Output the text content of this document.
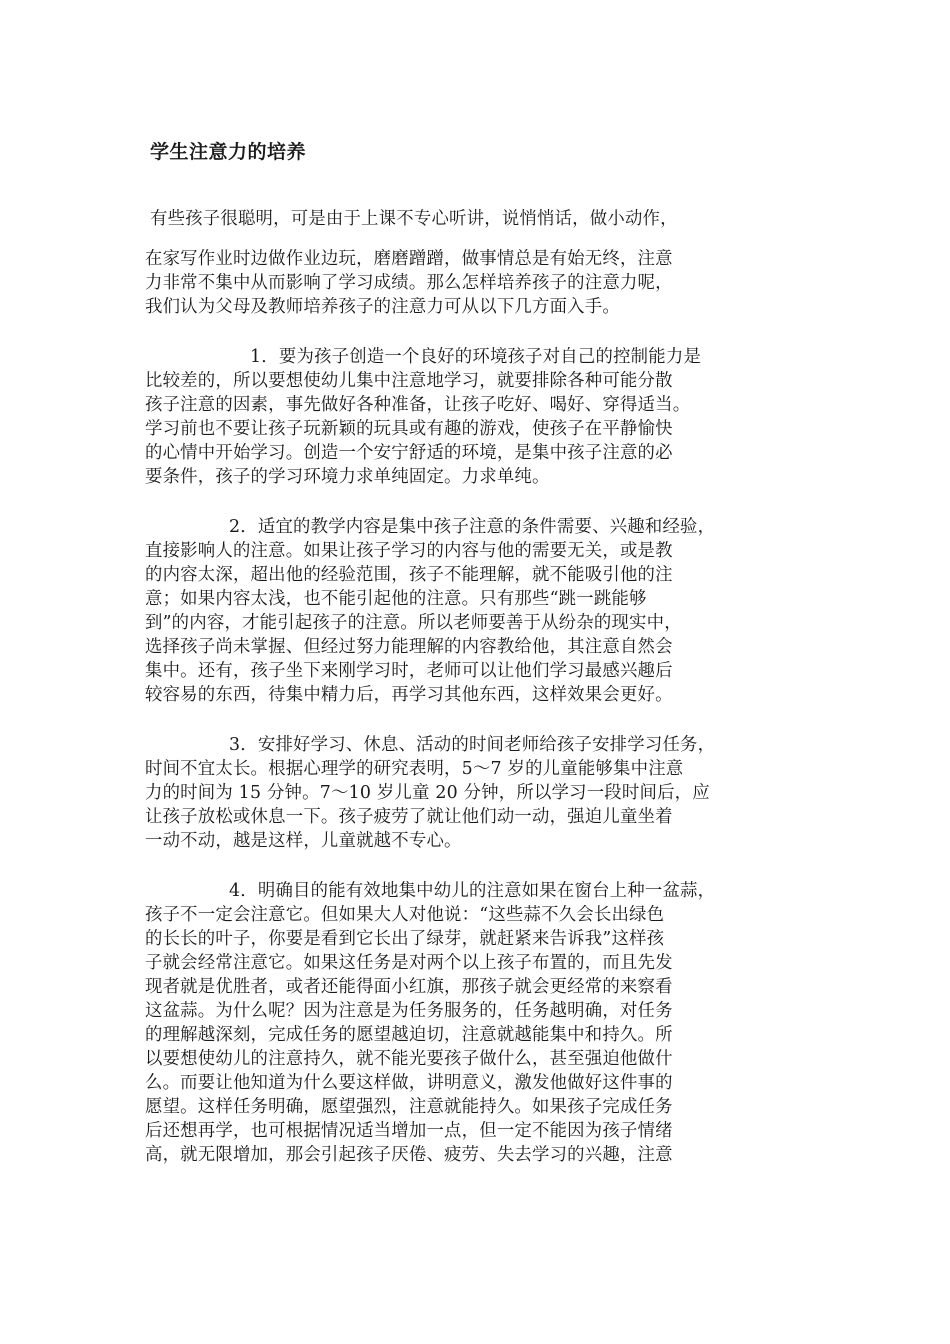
学生注意力的培养
有些孩子很聪明，可是由于上课不专心听讲，说悄悄话，做小动作，
在家写作业时边做作业边玩，磨磨蹭蹭，做事情总是有始无终，注意
力非常不集中从而影响了学习成绩。那么怎样培养孩子的注意力呢，
我们认为父母及教师培养孩子的注意力可从以下几方面入手。
1．要为孩子创造一个良好的环境孩子对自己的控制能力是
比较差的，所以要想使幼儿集中注意地学习，就要排除各种可能分散
孩子注意的因素，事先做好各种准备，让孩子吃好、喝好、穿得适当。
学习前也不要让孩子玩新颖的玩具或有趣的游戏，使孩子在平静愉快
的心情中开始学习。创造一个安宁舒适的环境，是集中孩子注意的必
要条件，孩子的学习环境力求单纯固定。力求单纯。
2．适宜的教学内容是集中孩子注意的条件需要、兴趣和经验，
直接影响人的注意。如果让孩子学习的内容与他的需要无关，或是教
的内容太深，超出他的经验范围，孩子不能理解，就不能吸引他的注
意；如果内容太浅，也不能引起他的注意。只有那些“跳一跳能够
到”的内容，才能引起孩子的注意。所以老师要善于从纷杂的现实中，
选择孩子尚未掌握、但经过努力能理解的内容教给他，其注意自然会
集中。还有，孩子坐下来刚学习时，老师可以让他们学习最感兴趣后
较容易的东西，待集中精力后，再学习其他东西，这样效果会更好。
3．安排好学习、休息、活动的时间老师给孩子安排学习任务，
时间不宜太长。根据心理学的研究表明，5～7 岁的儿童能够集中注意
力的时间为 15 分钟。7～10 岁儿童 20 分钟，所以学习一段时间后，应
让孩子放松或休息一下。孩子疲劳了就让他们动一动，强迫儿童坐着
一动不动，越是这样，儿童就越不专心。
4．明确目的能有效地集中幼儿的注意如果在窗台上种一盆蒜，
孩子不一定会注意它。但如果大人对他说：“这些蒜不久会长出绿色
的长长的叶子，你要是看到它长出了绿芽，就赶紧来告诉我”这样孩
子就会经常注意它。如果这任务是对两个以上孩子布置的，而且先发
现者就是优胜者，或者还能得面小红旗，那孩子就会更经常的来察看
这盆蒜。为什么呢？因为注意是为任务服务的，任务越明确，对任务
的理解越深刻，完成任务的愿望越迫切，注意就越能集中和持久。所
以要想使幼儿的注意持久，就不能光要孩子做什么，甚至强迫他做什
么。而要让他知道为什么要这样做，讲明意义，激发他做好这件事的
愿望。这样任务明确，愿望强烈，注意就能持久。如果孩子完成任务
后还想再学，也可根据情况适当增加一点，但一定不能因为孩子情绪
高，就无限增加，那会引起孩子厌倦、疲劳、失去学习的兴趣，注意
